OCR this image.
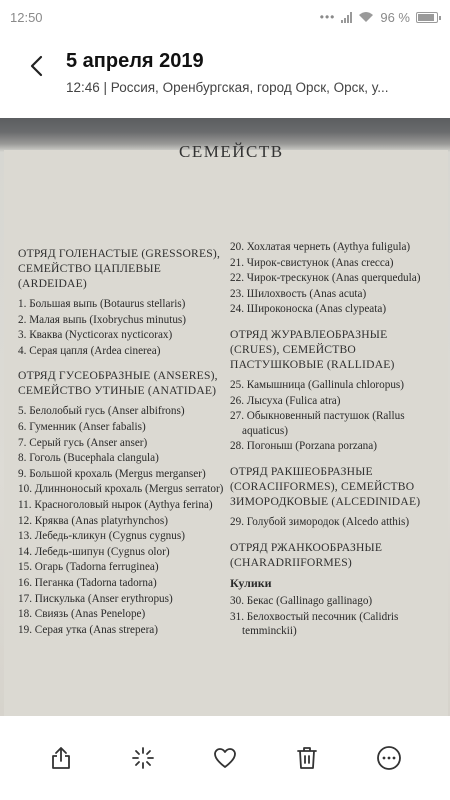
12:50	•••	96 %
5 апреля 2019
12:46 | Россия, Оренбургская, город Орск, Орск, у...
СЕМЕЙСТВ
ОТРЯД ГОЛЕНАСТЫЕ (GRESSORES), СЕМЕЙСТВО ЦАПЛЕВЫЕ (ARDEIDAE)
1. Большая выпь (Botaurus stellaris)
2. Малая выпь (Ixobrychus minutus)
3. Кваква (Nycticorax nycticorax)
4. Серая цапля (Ardea cinerea)
ОТРЯД ГУСЕОБРАЗНЫЕ (ANSERES), СЕМЕЙСТВО УТИНЫЕ (ANATIDAE)
5. Белолобый гусь (Anser albifrons)
6. Гуменник (Anser fabalis)
7. Серый гусь (Anser anser)
8. Гоголь (Bucephala clangula)
9. Большой крохаль (Mergus merganser)
10. Длинноносый крохаль (Mergus serrator)
11. Красноголовый нырок (Aythya ferina)
12. Кряква (Anas platyrhynchos)
13. Лебедь-кликун (Cygnus cygnus)
14. Лебедь-шипун (Cygnus olor)
15. Огарь (Tadorna ferruginea)
16. Пеганка (Tadorna tadorna)
17. Пискулька (Anser erythropus)
18. Свиязь (Anas Penelope)
19. Серая утка (Anas strepera)
20. Хохлатая чернеть (Aythya fuligula)
21. Чирок-свистунок (Anas crecca)
22. Чирок-трескунок (Anas querquedula)
23. Шилохвость (Anas acuta)
24. Широконоска (Anas clypeata)
ОТРЯД ЖУРАВЛЕОБРАЗНЫЕ (CRUES), СЕМЕЙСТВО ПАСТУШКОВЫЕ (RALLIDAE)
25. Камышница (Gallinula chloropus)
26. Лысуха (Fulica atra)
27. Обыкновенный пастушок (Rallus aquaticus)
28. Погоныш (Porzana porzana)
ОТРЯД РАКШЕОБРАЗНЫЕ (CORACIIFORMES), СЕМЕЙСТВО ЗИМОРОДКОВЫЕ (ALCEDINIDAE)
29. Голубой зимородок (Alcedo atthis)
ОТРЯД РЖАНКООБРАЗНЫЕ (CHARADRIIFORMES)
Кулики
30. Бекас (Gallinago gallinago)
31. Белохвостый песочник (Calidris temminckii)
